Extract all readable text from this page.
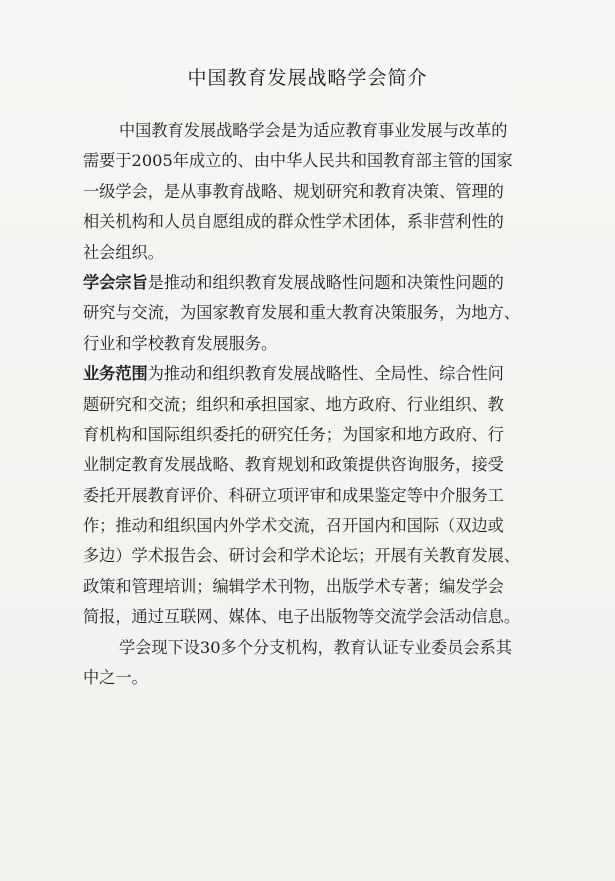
中国教育发展战略学会简介
中国教育发展战略学会是为适应教育事业发展与改革的
需要于2005年成立的、由中华人民共和国教育部主管的国家
一级学会，是从事教育战略、规划研究和教育决策、管理的
相关机构和人员自愿组成的群众性学术团体，系非营利性的
社会组织。
学会宗旨是推动和组织教育发展战略性问题和决策性问题的
研究与交流，为国家教育发展和重大教育决策服务，为地方、
行业和学校教育发展服务。
业务范围为推动和组织教育发展战略性、全局性、综合性问
题研究和交流；组织和承担国家、地方政府、行业组织、教
育机构和国际组织委托的研究任务；为国家和地方政府、行
业制定教育发展战略、教育规划和政策提供咨询服务，接受
委托开展教育评价、科研立项评审和成果鉴定等中介服务工
作；推动和组织国内外学术交流，召开国内和国际（双边或
多边）学术报告会、研讨会和学术论坛；开展有关教育发展、
政策和管理培训；编辑学术刊物，出版学术专著；编发学会
简报，通过互联网、媒体、电子出版物等交流学会活动信息。
学会现下设30多个分支机构，教育认证专业委员会系其
中之一。
